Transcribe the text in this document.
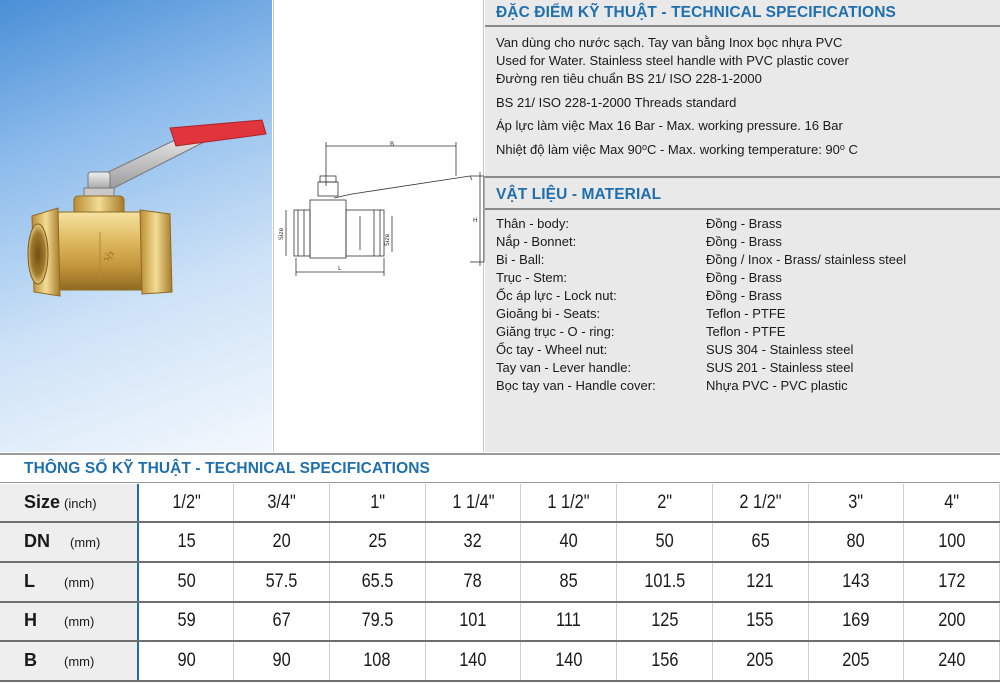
½
B
H
L
Size	Size
ĐẶC ĐIỂM KỸ THUẬT - TECHNICAL SPECIFICATIONS
Van dùng cho nước sạch. Tay van bằng Inox bọc nhựa PVC
Used for Water. Stainless steel handle with PVC plastic cover
Đường ren tiêu chuẩn BS 21/ ISO 228-1-2000
BS 21/ ISO 228-1-2000 Threads standard
Áp lực làm việc Max 16 Bar - Max. working pressure. 16 Bar
Nhiệt độ làm việc Max 90$^o$C - Max. working temperature: 90$^o$ C
VẬT LIỆU - MATERIAL
Thân - body:	Đồng - Brass
Nắp - Bonnet:	Đồng - Brass
Bi - Ball:	Đồng / Inox - Brass/ stainless steel
Trục - Stem:	Đồng - Brass
Ốc áp lực - Lock nut:	Đồng - Brass
Gioăng bi - Seats:	Teflon - PTFE
Giăng trục - O - ring:	Teflon - PTFE
Ốc tay - Wheel nut:	SUS 304 - Stainless steel
Tay van - Lever handle:	SUS 201 - Stainless steel
Bọc tay van - Handle cover:	Nhựa PVC - PVC plastic
THÔNG SỐ KỸ THUẬT - TECHNICAL SPECIFICATIONS
Size (inch)	1/2"	3/4"	1"	1 1/4"	1 1/2"	2"	2 1/2"	3"	4"
DN (mm)	15	20	25	32	40	50	65	80	100
L (mm)	50	57.5	65.5	78	85	101.5	121	143	172
H (mm)	59	67	79.5	101	111	125	155	169	200
B (mm)	90	90	108	140	140	156	205	205	240
